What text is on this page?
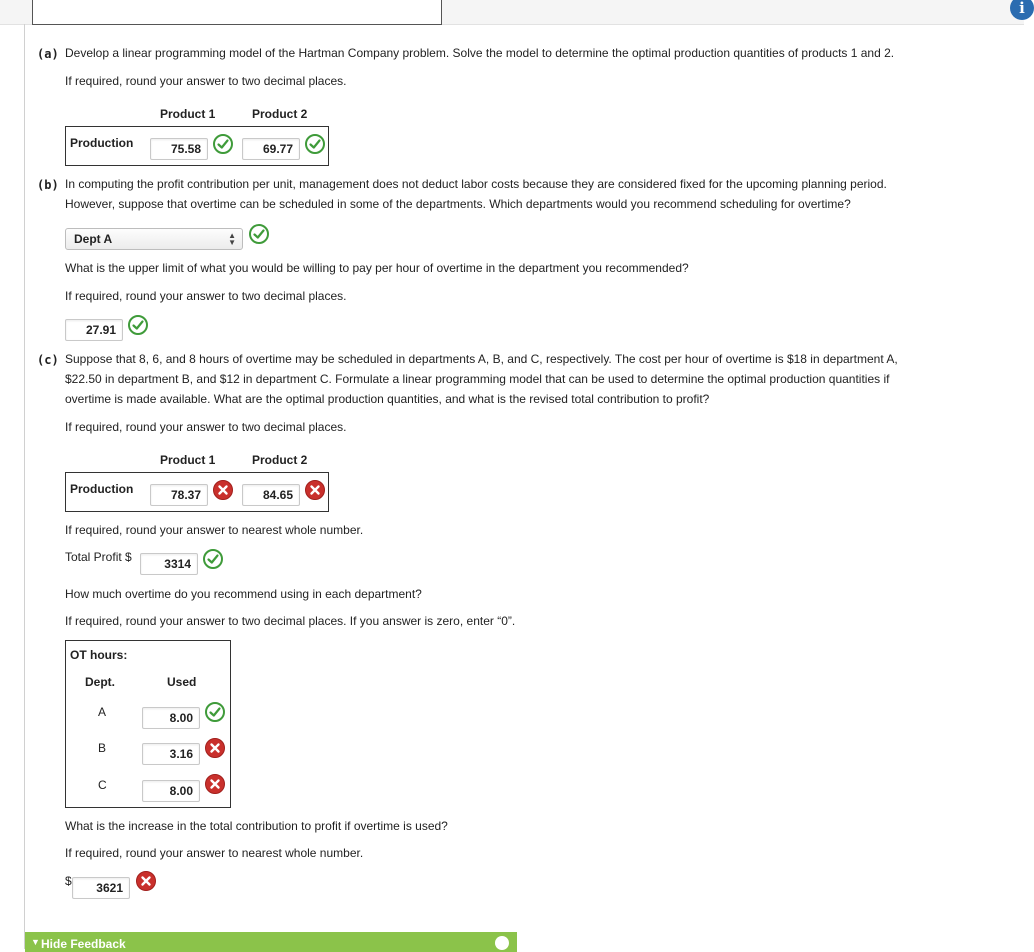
i
(a) Develop a linear programming model of the Hartman Company problem. Solve the model to determine the optimal production quantities of products 1 and 2.
If required, round your answer to two decimal places.
Product 1	Product 2
Production	75.58	69.77
(b) In computing the profit contribution per unit, management does not deduct labor costs because they are considered fixed for the upcoming planning period.
However, suppose that overtime can be scheduled in some of the departments. Which departments would you recommend scheduling for overtime?
Dept A	▲
▼
What is the upper limit of what you would be willing to pay per hour of overtime in the department you recommended?
If required, round your answer to two decimal places.
27.91
(c) Suppose that 8, 6, and 8 hours of overtime may be scheduled in departments A, B, and C, respectively. The cost per hour of overtime is $18 in department A,
$22.50 in department B, and $12 in department C. Formulate a linear programming model that can be used to determine the optimal production quantities if
overtime is made available. What are the optimal production quantities, and what is the revised total contribution to profit?
If required, round your answer to two decimal places.
Product 1	Product 2
Production	78.37	84.65
If required, round your answer to nearest whole number.
Total Profit $	3314
How much overtime do you recommend using in each department?
If required, round your answer to two decimal places. If you answer is zero, enter “0”.
OT hours:
Dept.	Used
A	8.00
B	3.16
C	8.00
What is the increase in the total contribution to profit if overtime is used?
If required, round your answer to nearest whole number.
$	3621
▼ Hide Feedback
